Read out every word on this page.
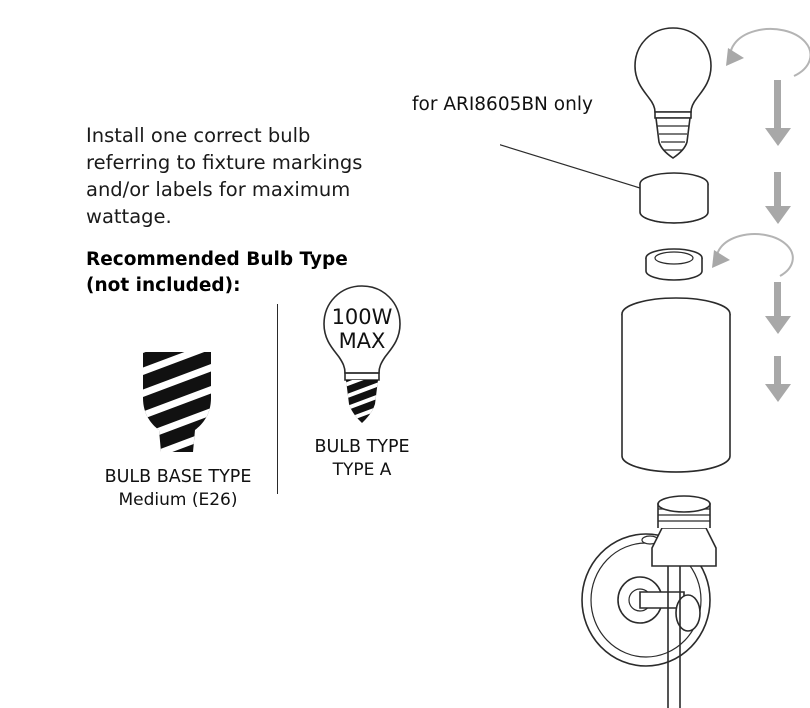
Install one correct bulb referring to fixture markings and/or labels for maximum wattage.
Recommended Bulb Type
(not included):
BULB BASE TYPE
Medium (E26)
100W
MAX
BULB TYPE
TYPE A
for ARI8605BN only
